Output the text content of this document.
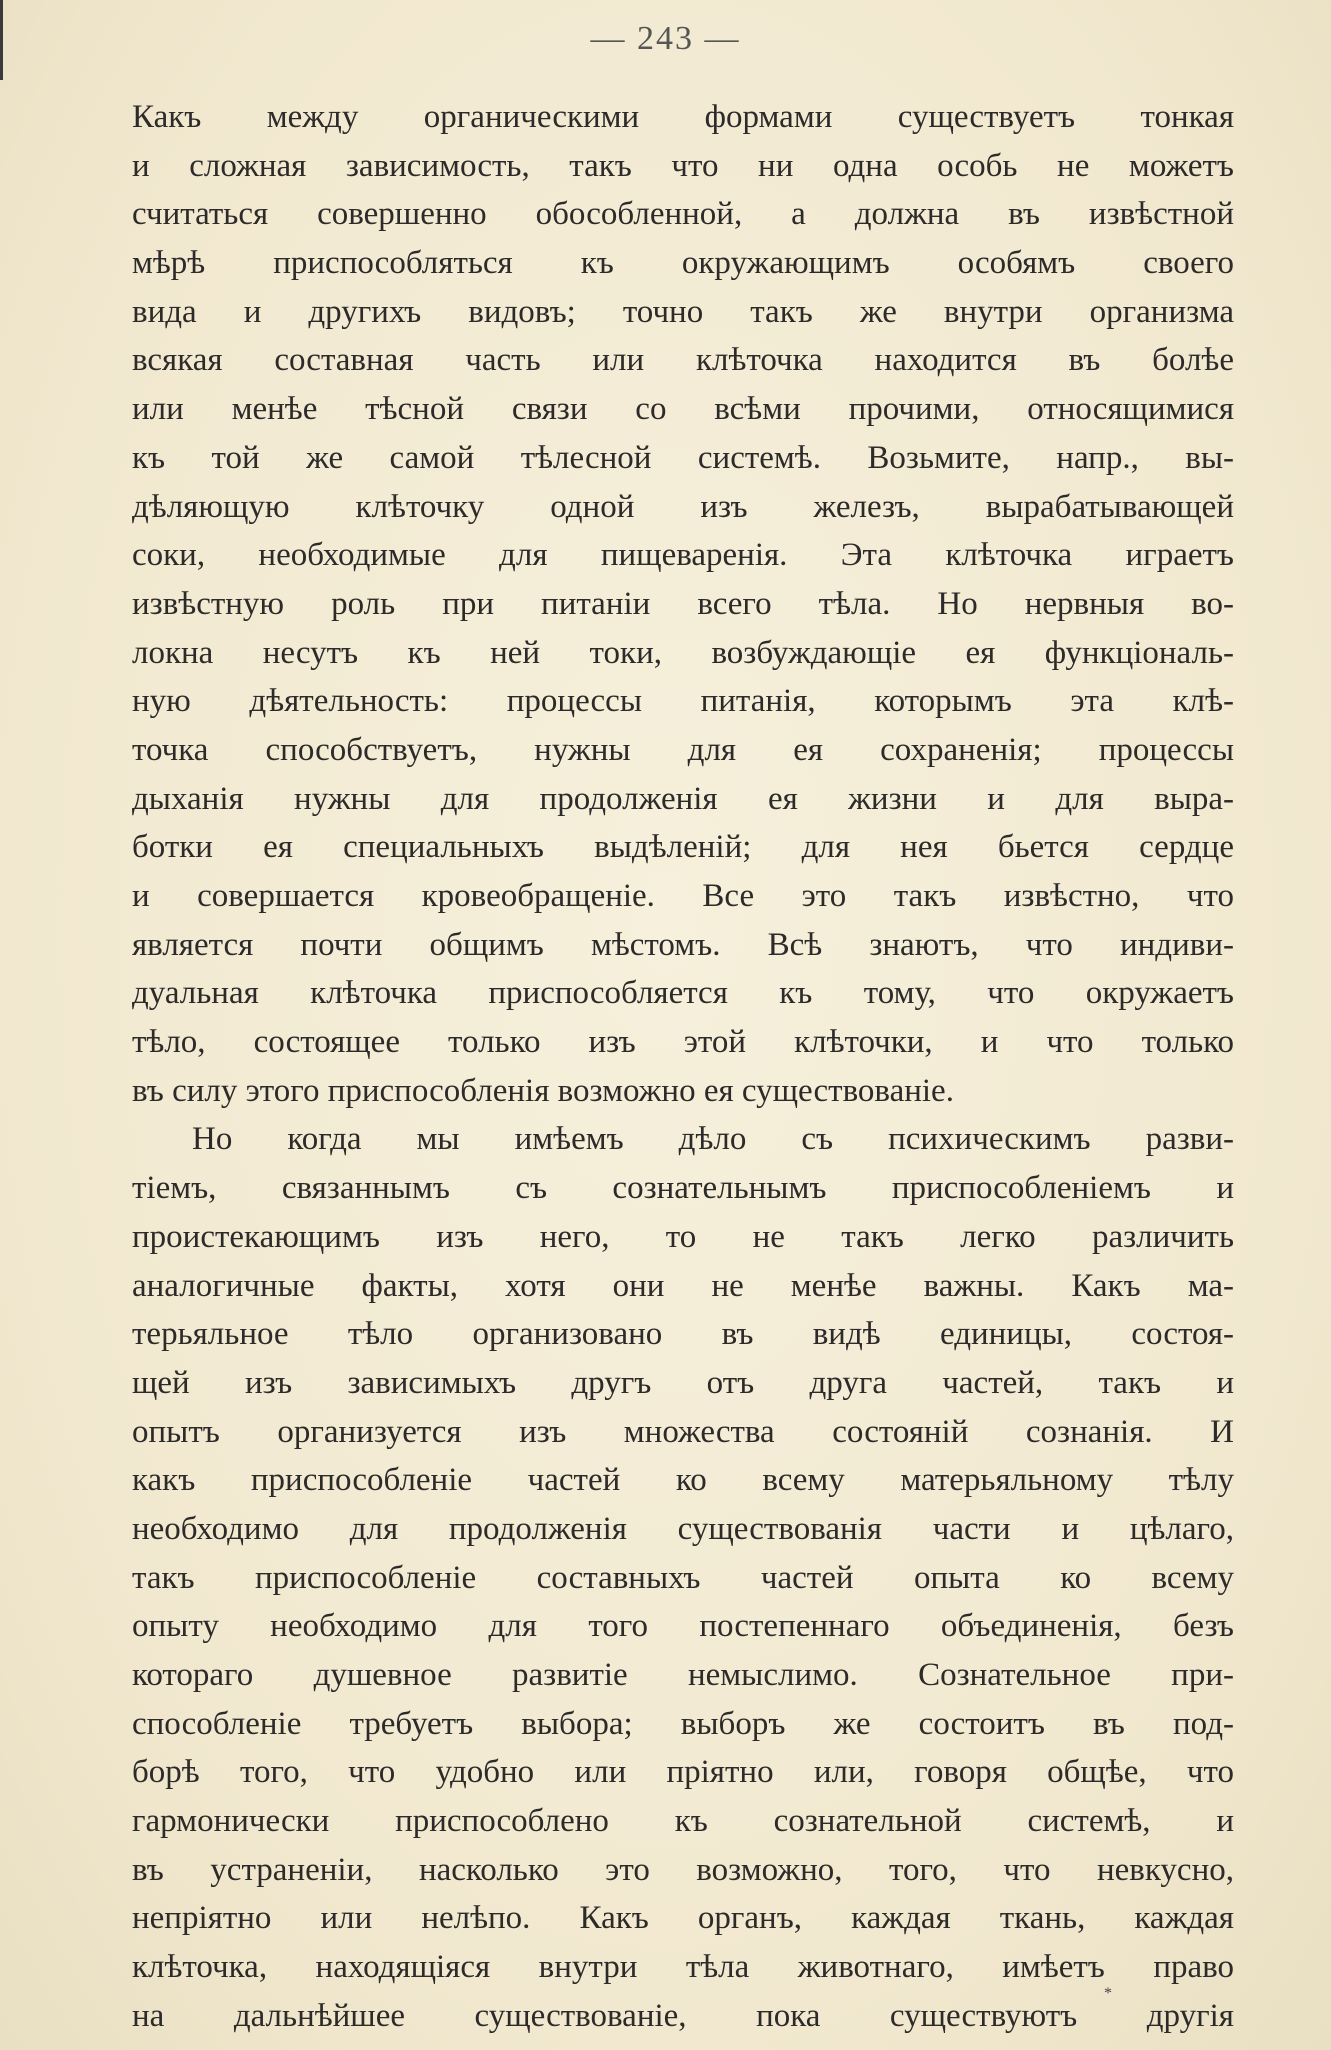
— 243 —
Какъ между органическими формами существуетъ тонкая
и сложная зависимость, такъ что ни одна особь не можетъ
считаться совершенно обособленной, а должна въ извѣстной
мѣрѣ приспособляться къ окружающимъ особямъ своего
вида и другихъ видовъ; точно такъ же внутри организма
всякая составная часть или клѣточка находится въ болѣе
или менѣе тѣсной связи со всѣми прочими, относящимися
къ той же самой тѣлесной системѣ. Возьмите, напр., вы-
дѣляющую клѣточку одной изъ железъ, вырабатывающей
соки, необходимые для пищеваренія. Эта клѣточка играетъ
извѣстную роль при питаніи всего тѣла. Но нервныя во-
локна несутъ къ ней токи, возбуждающіе ея функціональ-
ную дѣятельность: процессы питанія, которымъ эта клѣ-
точка способствуетъ, нужны для ея сохраненія; процессы
дыханія нужны для продолженія ея жизни и для выра-
ботки ея специальныхъ выдѣленій; для нея бьется сердце
и совершается кровеобращеніе. Все это такъ извѣстно, что
является почти общимъ мѣстомъ. Всѣ знаютъ, что индиви-
дуальная клѣточка приспособляется къ тому, что окружаетъ
тѣло, состоящее только изъ этой клѣточки, и что только
въ силу этого приспособленія возможно ея существованіе.
Но когда мы имѣемъ дѣло съ психическимъ разви-
тіемъ, связаннымъ съ сознательнымъ приспособленіемъ и
проистекающимъ изъ него, то не такъ легко различить
аналогичные факты, хотя они не менѣе важны. Какъ ма-
терьяльное тѣло организовано въ видѣ единицы, состоя-
щей изъ зависимыхъ другъ отъ друга частей, такъ и
опытъ организуется изъ множества состояній сознанія. И
какъ приспособленіе частей ко всему матерьяльному тѣлу
необходимо для продолженія существованія части и цѣлаго,
такъ приспособленіе составныхъ частей опыта ко всему
опыту необходимо для того постепеннаго объединенія, безъ
котораго душевное развитіе немыслимо. Сознательное при-
способленіе требуетъ выбора; выборъ же состоитъ въ под-
борѣ того, что удобно или пріятно или, говоря общѣе, что
гармонически приспособлено къ сознательной системѣ, и
въ устраненіи, насколько это возможно, того, что невкусно,
непріятно или нелѣпо. Какъ органъ, каждая ткань, каждая
клѣточка, находящіяся внутри тѣла животнаго, имѣетъ право
на дальнѣйшее существованіе, пока существуютъ другія
*
